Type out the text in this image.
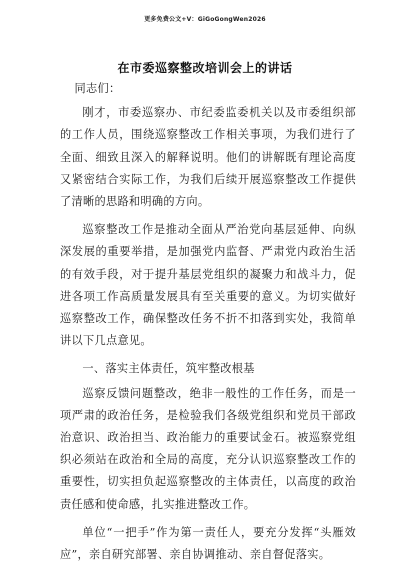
更多免费公文+V：GiGoGongWen2026
在市委巡察整改培训会上的讲话

同志们：

刚才，市委巡察办、市纪委监委机关以及市委组织部的工作人员，围绕巡察整改工作相关事项，为我们进行了全面、细致且深入的解释说明。他们的讲解既有理论高度又紧密结合实际工作，为我们后续开展巡察整改工作提供了清晰的思路和明确的方向。

巡察整改工作是推动全面从严治党向基层延伸、向纵深发展的重要举措，是加强党内监督、严肃党内政治生活的有效手段，对于提升基层党组织的凝聚力和战斗力，促进各项工作高质量发展具有至关重要的意义。为切实做好巡察整改工作，确保整改任务不折不扣落到实处，我简单讲以下几点意见。

一、落实主体责任，筑牢整改根基

巡察反馈问题整改，绝非一般性的工作任务，而是一项严肃的政治任务，是检验我们各级党组织和党员干部政治意识、政治担当、政治能力的重要试金石。被巡察党组织必须站在政治和全局的高度，充分认识巡察整改工作的重要性，切实担负起巡察整改的主体责任，以高度的政治责任感和使命感，扎实推进整改工作。

单位“一把手”作为第一责任人，要充分发挥“头雁效应”，亲自研究部署、亲自协调推动、亲自督促落实。
